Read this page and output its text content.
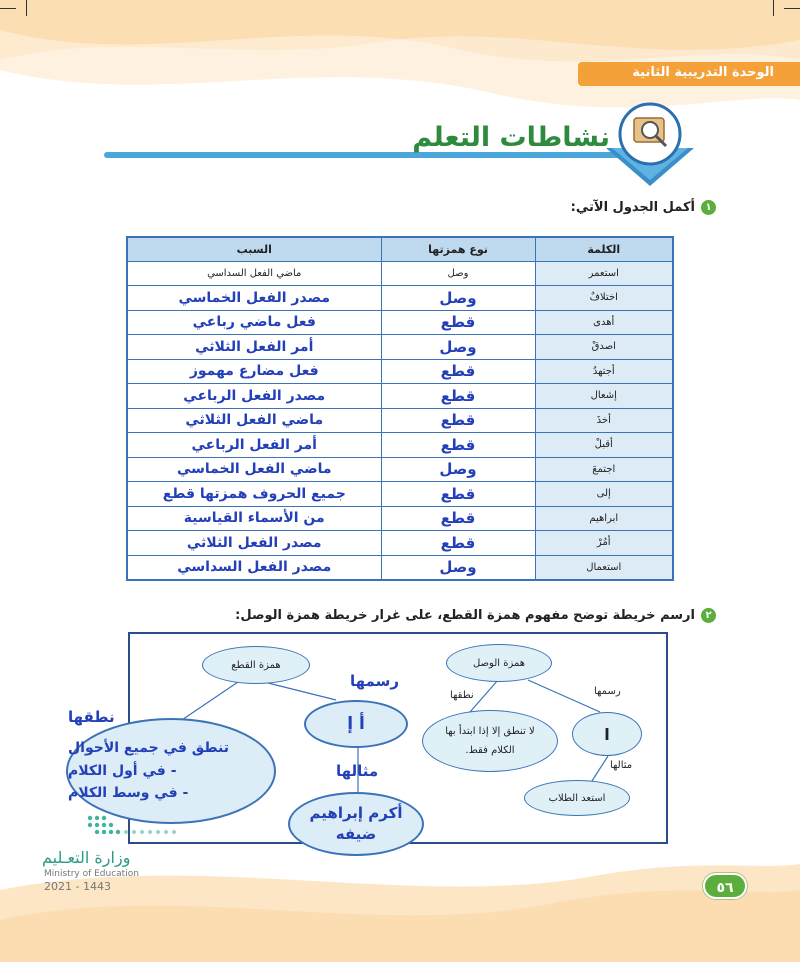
الوحدة التدريبية الثانية
نشاطات التعلم
١
أكمل الجدول الآتي:
الكلمة	نوع همزتها	السبب
استعمر	وصل	ماضي الفعل السداسي
اختلافٌ	وصل	مصدر الفعل الخماسي
أهدى	قطع	فعل ماضي رباعي
اصدقْ	وصل	أمر الفعل الثلاثي
أجتهدُ	قطع	فعل مضارع مهموز
إشعال	قطع	مصدر الفعل الرباعي
أخذَ	قطع	ماضي الفعل الثلاثي
أقبلْ	قطع	أمر الفعل الرباعي
اجتمعَ	وصل	ماضي الفعل الخماسي
إلى	قطع	جميع الحروف همزتها قطع
ابراهيم	قطع	من الأسماء القياسية
أمُرْ	قطع	مصدر الفعل الثلاثي
استعمال	وصل	مصدر الفعل السداسي
٢
ارسم خريطة توضح مفهوم همزة القطع، على غرار خريطة همزة الوصل:
همزة الوصل
ا
لا تنطق إلا إذا ابتدأ بها الكلام فقط.
استعد الطلاب
رسمها
نطقها
مثالها
همزة القطع
أ إ
تنطق في جميع الأحوال
- في أول الكلام
- في وسط الكلام
أكرم إبراهيم
ضيفه
رسمها
نطقها
مثالها
وزارة التعـليم
Ministry of Education
2021 - 1443	٥٦
